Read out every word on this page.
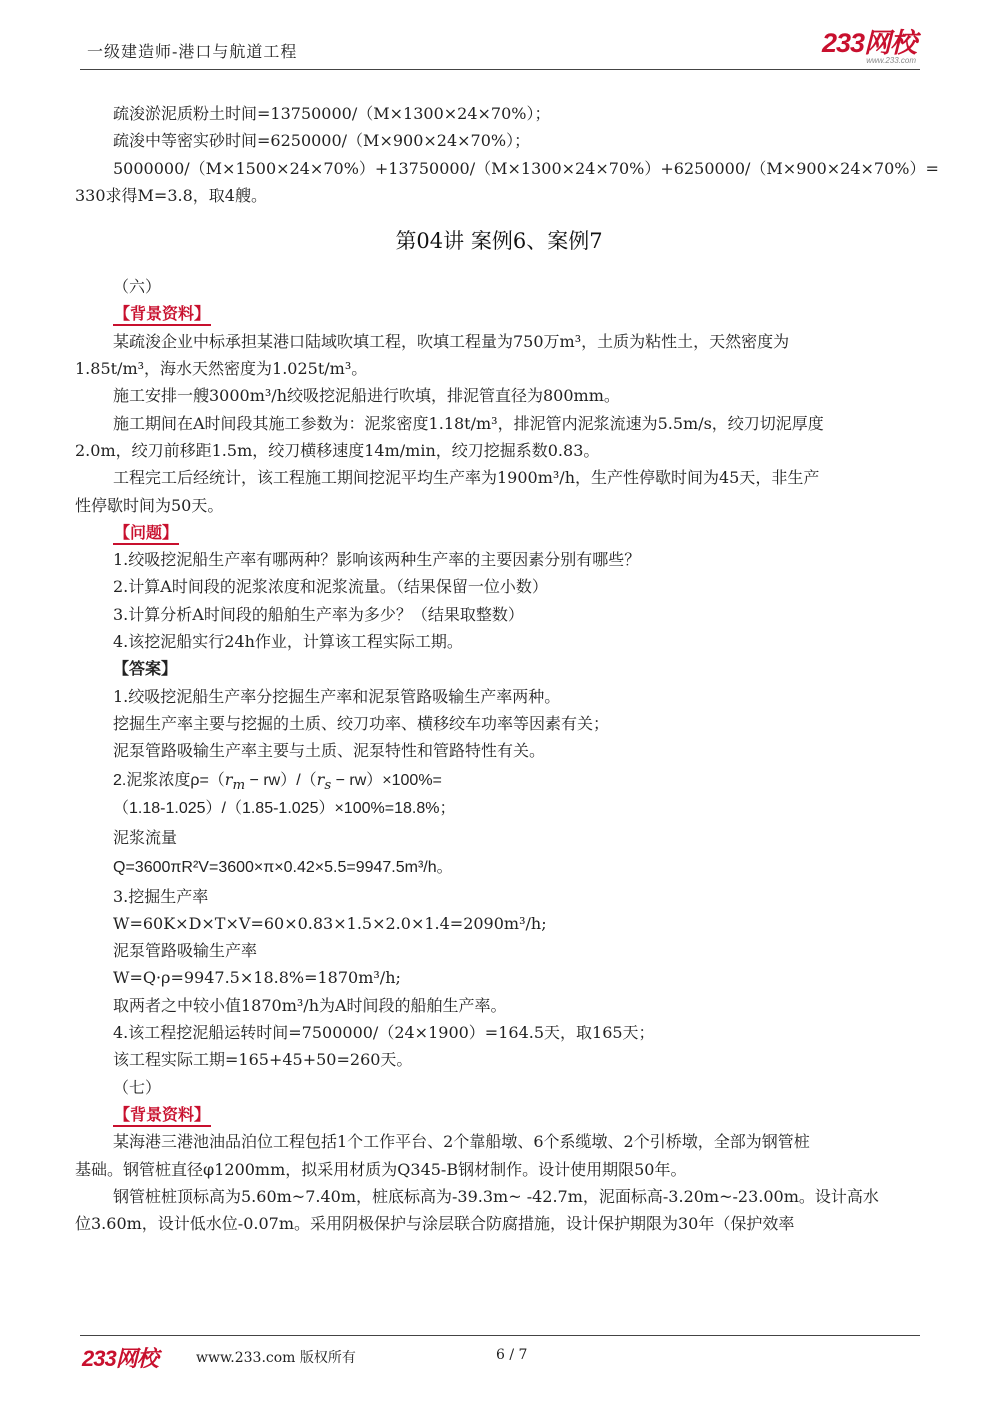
一级建造师-港口与航道工程	233网校
www.233.com
疏浚淤泥质粉土时间=13750000/（M×1300×24×70%）；
疏浚中等密实砂时间=6250000/（M×900×24×70%）；
5000000/（M×1500×24×70%）+13750000/（M×1300×24×70%）+6250000/（M×900×24×70%）=
330求得M=3.8，取4艘。
第04讲 案例6、案例7
（六）
【背景资料】
某疏浚企业中标承担某港口陆域吹填工程，吹填工程量为750万m³，土质为粘性土，天然密度为
1.85t/m³，海水天然密度为1.025t/m³。
施工安排一艘3000m³/h绞吸挖泥船进行吹填，排泥管直径为800mm。
施工期间在A时间段其施工参数为：泥浆密度1.18t/m³，排泥管内泥浆流速为5.5m/s，绞刀切泥厚度
2.0m，绞刀前移距1.5m，绞刀横移速度14m/min，绞刀挖掘系数0.83。
工程完工后经统计，该工程施工期间挖泥平均生产率为1900m³/h，生产性停歇时间为45天，非生产
性停歇时间为50天。
【问题】
1.绞吸挖泥船生产率有哪两种？影响该两种生产率的主要因素分别有哪些？
2.计算A时间段的泥浆浓度和泥浆流量。（结果保留一位小数）
3.计算分析A时间段的船舶生产率为多少？（结果取整数）
4.该挖泥船实行24h作业，计算该工程实际工期。
【答案】
1.绞吸挖泥船生产率分挖掘生产率和泥泵管路吸输生产率两种。
挖掘生产率主要与挖掘的土质、绞刀功率、横移绞车功率等因素有关；
泥泵管路吸输生产率主要与土质、泥泵特性和管路特性有关。
2.泥浆浓度$\rho=(r_m - rw)/(r_s - rw)\times 100\%=$
（1.18-1.025）/（1.85-1.025）×100%=18.8%；
泥浆流量
Q=3600πR²V=3600×π×0.42×5.5=9947.5m³/h。
3.挖掘生产率
W=60K×D×T×V=60×0.83×1.5×2.0×1.4=2090m³/h;
泥泵管路吸输生产率
W=Q·ρ=9947.5×18.8%=1870m³/h;
取两者之中较小值1870m³/h为A时间段的船舶生产率。
4.该工程挖泥船运转时间=7500000/（24×1900）=164.5天，取165天；
该工程实际工期=165+45+50=260天。
（七）
【背景资料】
某海港三港池油品泊位工程包括1个工作平台、2个靠船墩、6个系缆墩、2个引桥墩，全部为钢管桩
基础。钢管桩直径φ1200mm，拟采用材质为Q345-B钢材制作。设计使用期限50年。
钢管桩桩顶标高为5.60m~7.40m，桩底标高为-39.3m~ -42.7m，泥面标高-3.20m~-23.00m。设计高水
位3.60m，设计低水位-0.07m。采用阴极保护与涂层联合防腐措施，设计保护期限为30年（保护效率
233网校	www.233.com 版权所有	6 / 7
